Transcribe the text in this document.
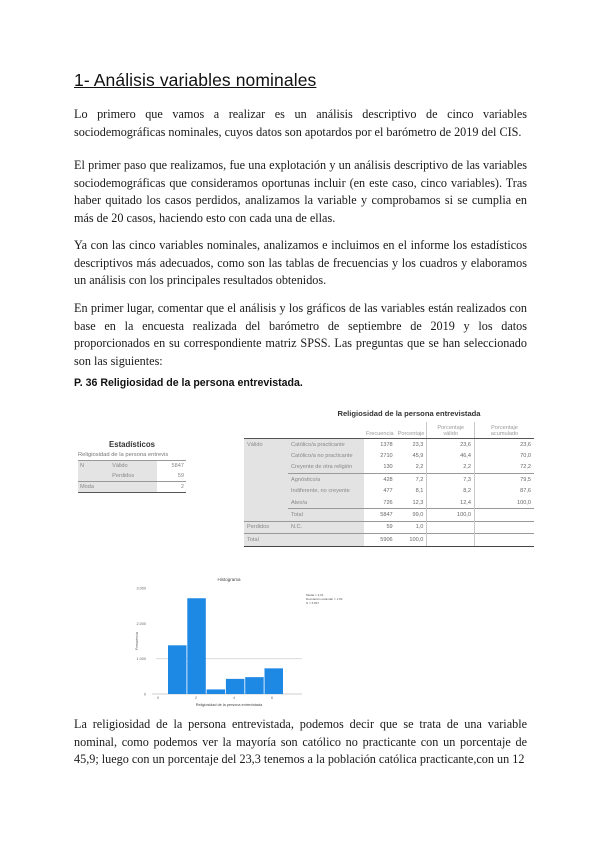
1- Análisis variables nominales

Lo primero que vamos a realizar es un análisis descriptivo de cinco variables sociodemográficas nominales, cuyos datos son apotardos por el barómetro de 2019 del CIS.

El primer paso que realizamos, fue una explotación y un análisis descriptivo de las variables sociodemográficas que consideramos oportunas incluir (en este caso, cinco variables). Tras haber quitado los casos perdidos, analizamos la variable y comprobamos si se cumplia en más de 20 casos, haciendo esto con cada una de ellas.

Ya con las cinco variables nominales, analizamos e incluimos en el informe los estadísticos descriptivos más adecuados, como son las tablas de frecuencias y los cuadros y elaboramos un análisis con los principales resultados obtenidos.

En primer lugar, comentar que el análisis y los gráficos de las variables están realizados con base en la encuesta realizada del barómetro de septiembre de 2019 y los datos proporcionados en su correspondiente matriz SPSS. Las preguntas que se han seleccionado son las siguientes:

P. 36 Religiosidad de la persona entrevistada.
Estadísticos
Religiosidad de la persona entrevis
N	Válido	5847
	Perdidos	59
Moda		2
Religiosidad de la persona entrevistada
		Frecuencia	Porcentaje	Porcentaje válido	Porcentaje acumulado
Válido	Católico/a practicante	1378	23,3	23,6	23,6
	Católico/a no practicante	2710	45,9	46,4	70,0
	Creyente de otra religión	130	2,2	2,2	72,2
	Agnóstico/a	428	7,2	7,3	79,5
	Indiferente, no creyente	477	8,1	8,2	87,6
	Ateo/a	726	12,3	12,4	100,0
	Total	5847	99,0	100,0	
Perdidos	N.C.	59	1,0		
Total		5906	100,0		
Histograma
0
1.000
2.000
3.000
Frecuencia
0	2	4	6
Religiosidad de la persona entrevistada
Media = 2,91
Desviación estándar = 1,83
N = 5.847

La religiosidad de la persona entrevistada, podemos decir que se trata de una variable nominal, como podemos ver la mayoría son católico no practicante con un porcentaje de 45,9; luego con un porcentaje del 23,3 tenemos a la población católica practicante,con un 12
